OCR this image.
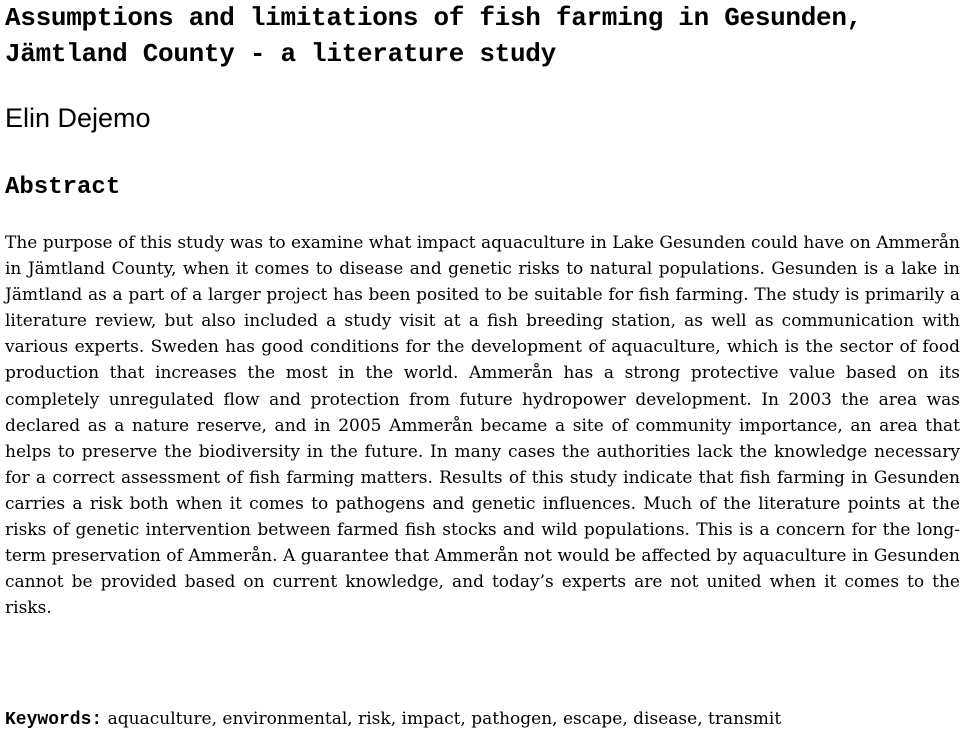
Assumptions and limitations of fish farming in Gesunden, Jämtland County - a literature study
Elin Dejemo
Abstract

The purpose of this study was to examine what impact aquaculture in Lake Gesunden could have on Ammerån in Jämtland County, when it comes to disease and genetic risks to natural populations. Gesunden is a lake in Jämtland as a part of a larger project has been posited to be suitable for fish farming. The study is primarily a literature review, but also included a study visit at a fish breeding station, as well as communication with various experts. Sweden has good conditions for the development of aquaculture, which is the sector of food production that increases the most in the world. Ammerån has a strong protective value based on its completely unregulated flow and protection from future hydropower development. In 2003 the area was declared as a nature reserve, and in 2005 Ammerån became a site of community importance, an area that helps to preserve the biodiversity in the future. In many cases the authorities lack the knowledge necessary for a correct assessment of fish farming matters. Results of this study indicate that fish farming in Gesunden carries a risk both when it comes to pathogens and genetic influences. Much of the literature points at the risks of genetic intervention between farmed fish stocks and wild populations. This is a concern for the long-term preservation of Ammerån. A guarantee that Ammerån not would be affected by aquaculture in Gesunden cannot be provided based on current knowledge, and today’s experts are not united when it comes to the risks.

Keywords: aquaculture, environmental, risk, impact, pathogen, escape, disease, transmit
